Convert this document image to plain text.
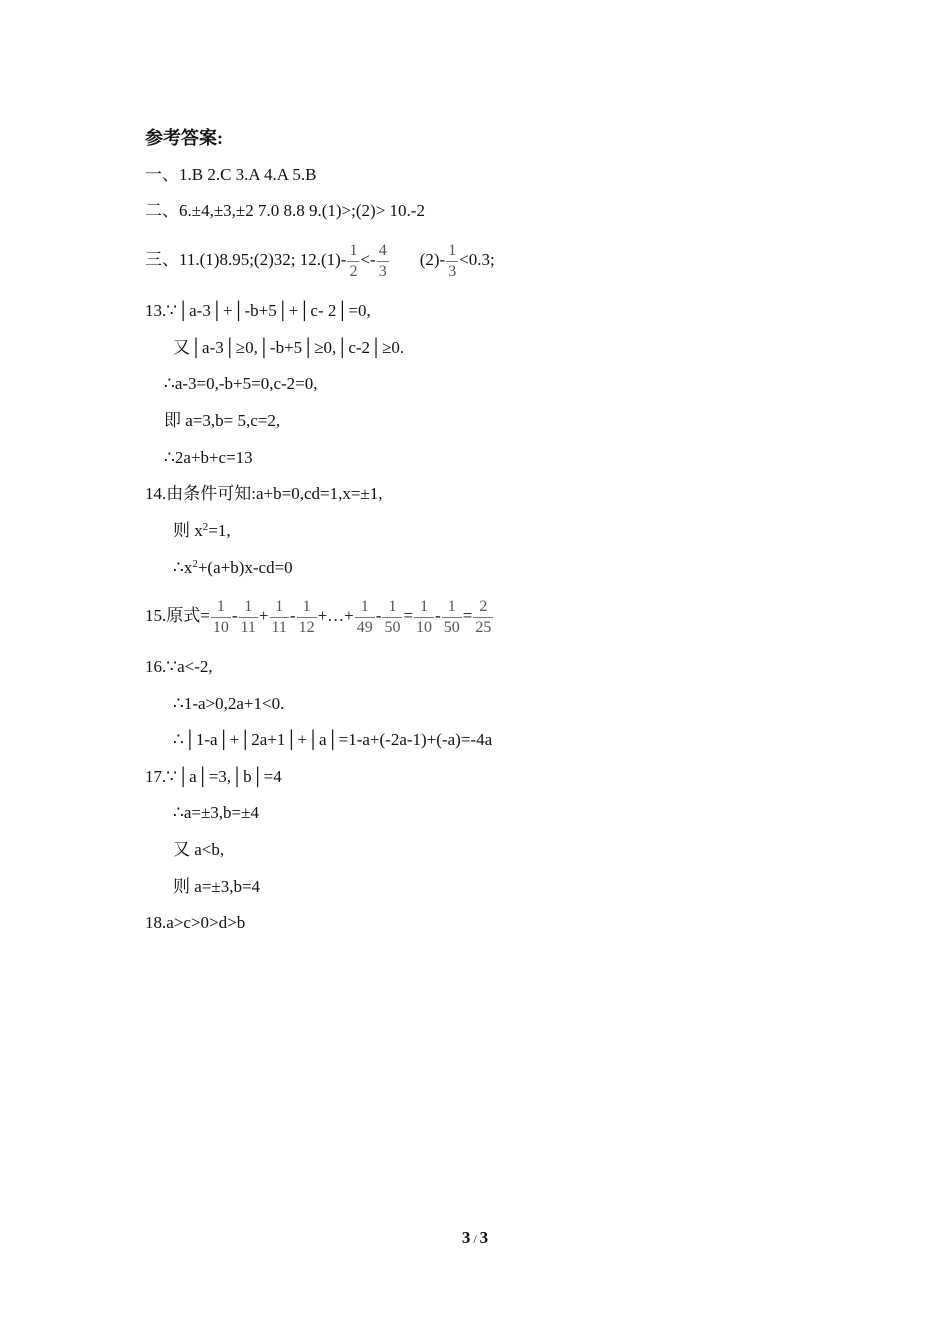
参考答案:
一、1.B 2.C 3.A 4.A 5.B
二、6.±4,±3,±2 7.0 8.8 9.(1)>;(2)> 10.-2
三、11.(1)8.95;(2)32; $12.(1)- \frac{1}{2} <- \frac{4}{3} (2)- \frac{1}{3} <0.3$;
13.∵│a-3│+│-b+5│+│c- 2│=0,
又│a-3│≥0,│-b+5│≥0,│c-2│≥0.
∴a-3=0,-b+5=0,c-2=0,
即 a=3,b= 5,c=2,
∴2a+b+c=13
14.由条件可知:a+b=0,cd=1,x=±1,
则 $x^2=1$,
$\therefore x^2+(a+b)x-cd=0$
15.原式= $\frac{1}{10} - \frac{1}{11} + \frac{1}{11} - \frac{1}{12}$ +…+ $\frac{1}{49} - \frac{1}{50} = \frac{1}{10} - \frac{1}{50} = \frac{2}{25}$
16.∵a<-2,
∴1-a>0,2a+1<0.
∴│1-a│+│2a+1│+│a│=1-a+(-2a-1)+(-a)=-4a
17.∵│a│=3,│b│=4
∴a=±3,b=±4
又 a<b,
则 a=±3,b=4
18.a>c>0>d>b
3 / 3
